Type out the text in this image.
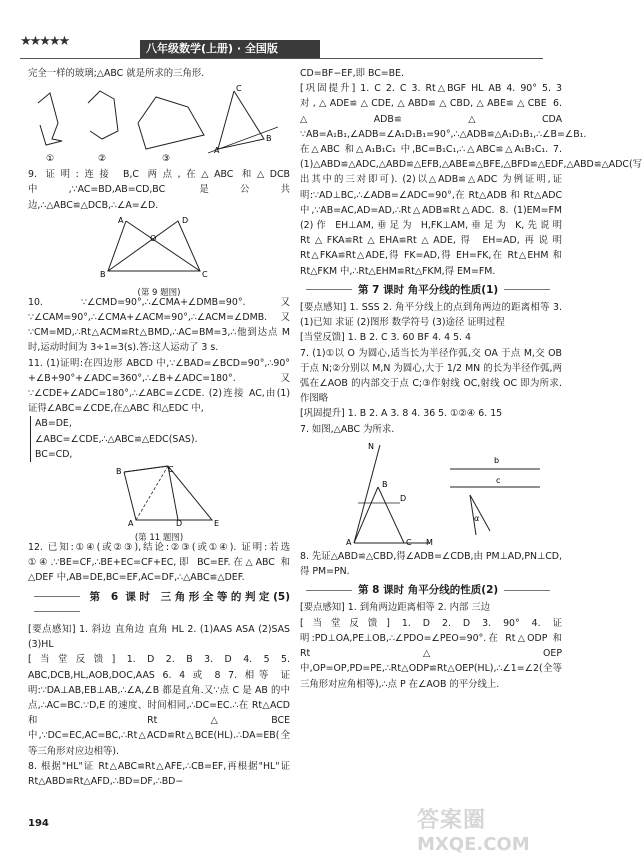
★★★★★	八年级数学(上册) · 全国版

完全一样的玻璃;△ABC 就是所求的三角形.

①	②	③
A
B
C

9. 证明:连接 B,C 两点,在△ABC 和△DCB 中,∵AC=BD,AB=CD,BC 是公共边,∴△ABC≌△DCB,∴∠A=∠D.

A	D
O
B	C
(第 9 题图)

10. ∵∠CMD=90°,∴∠CMA+∠DMB=90°.又∵∠CAM=90°,∴∠CMA+∠ACM=90°,∴∠ACM=∠DMB.又∵CM=MD,∴Rt△ACM≌Rt△BMD,∴AC=BM=3,∴他到达点 M 时,运动时间为 3÷1=3(s).答:这人运动了 3 s.

11. (1)证明:在四边形 ABCD 中,∵∠BAD=∠BCD=90°,∴90°+∠B+90°+∠ADC=360°,∴∠B+∠ADC=180°.又∵∠CDE+∠ADC=180°,∴∠ABC=∠CDE. (2)连接 AC,由(1)证得∠ABC=∠CDE,在△ABC 和△EDC 中,

AB=DE,
∠ABC=∠CDE,∴△ABC≌△EDC(SAS).
BC=CD,
B	C
A	D	E
(第 11 题图)

12. 已知:①④(或②③),结论:②③(或①④). 证明:若选①④.∵BE=CF,∴BE+EC=CF+EC,即 BC=EF.在△ABC 和△DEF 中,AB=DE,BC=EF,AC=DF,∴△ABC≌△DEF.

第 6 课时 三角形全等的判定(5)

[要点感知] 1. 斜边 直角边 直角 HL 2. (1)AAS ASA (2)SAS (3)HL

[当堂反馈] 1. D 2. B 3. D 4. 5 5. ABC,DCB,HL,AOB,DOC,AAS 6. 4 或 8 7. 相等 证明:∵DA⊥AB,EB⊥AB,∴∠A,∠B 都是直角.又∵点 C 是 AB 的中点,∴AC=BC.∵D,E 的速度、时间相同,∴DC=EC.∴在 Rt△ACD 和 Rt△BCE 中,∵DC=EC,AC=BC,∴Rt△ACD≌Rt△BCE(HL).∴DA=EB(全等三角形对应边相等).

8. 根据"HL"证 Rt△ABC≌Rt△AFE,∴CB=EF,再根据"HL"证 Rt△ABD≌Rt△AFD,∴BD=DF,∴BD−

CD=BF−EF,即 BC=BE.

[巩固提升] 1. C 2. C 3. Rt△BGF HL AB 4. 90° 5. 3 对,△ADE≌△CDE,△ABD≌△CBD,△ABE≌△CBE 6. △ADB≌△CDA ∵AB=A₁B₁,∠ADB=∠A₁D₁B₁=90°,∴△ADB≌△A₁D₁B₁,∴∠B=∠B₁.在△ABC 和△A₁B₁C₁ 中,BC=B₁C₁,∴△ABC≌△A₁B₁C₁. 7. (1)△ABD≌△ADC,△ABD≌△EFB,△ABE≌△BFE,△BFD≌△EDF,△ABD≌△ADC(写出其中的三对即可). (2)以△ADB≌△ADC 为例证明,证明:∵AD⊥BC,∴∠ADB=∠ADC=90°,在 Rt△ADB 和 Rt△ADC 中,∵AB=AC,AD=AD,∴Rt△ADB≌Rt△ADC. 8. (1)EM=FM (2)作 EH⊥AM,垂足为 H,FK⊥AM,垂足为 K,先说明 Rt△FKA≌Rt△EHA≌Rt△ADE,得 EH=AD,再说明 Rt△FKA≌Rt△ADE,得 FK=AD,得 EH=FK,在 Rt△EHM 和 Rt△FKM 中,∴Rt△EHM≌Rt△FKM,得 EM=FM.

第 7 课时 角平分线的性质(1)

[要点感知] 1. SSS 2. 角平分线上的点到角两边的距离相等 3. (1)已知 求证 (2)图形 数学符号 (3)途径 证明过程

[当堂反馈] 1. B 2. C 3. 60 BF 4. 4 5. 4

7. (1)①以 O 为圆心,适当长为半径作弧,交 OA 于点 M,交 OB 于点 N;②分别以 M,N 为圆心,大于 1/2 MN 的长为半径作弧,两弧在∠AOB 的内部交于点 C;③作射线 OC,射线 OC 即为所求.作图略

[巩固提升] 1. B 2. A 3. 8 4. 36 5. ①②④ 6. 15

7. 如图,△ABC 为所求.

N
D
B
A	C M
b
c
α

8. 先证△ABD≌△CBD,得∠ADB=∠CDB,由 PM⊥AD,PN⊥CD,得 PM=PN.

第 8 课时 角平分线的性质(2)

[要点感知] 1. 到角两边距离相等 2. 内部 三边

[当堂反馈] 1. D 2. D 3. 90° 4. 证明:PD⊥OA,PE⊥OB,∴∠PDO=∠PEO=90°.在 Rt△ODP 和 Rt△OEP 中,OP=OP,PD=PE,∴Rt△ODP≌Rt△OEP(HL),∴∠1=∠2(全等三角形对应角相等),∴点 P 在∠AOB 的平分线上.

194	答案圈
MXQE.COM
